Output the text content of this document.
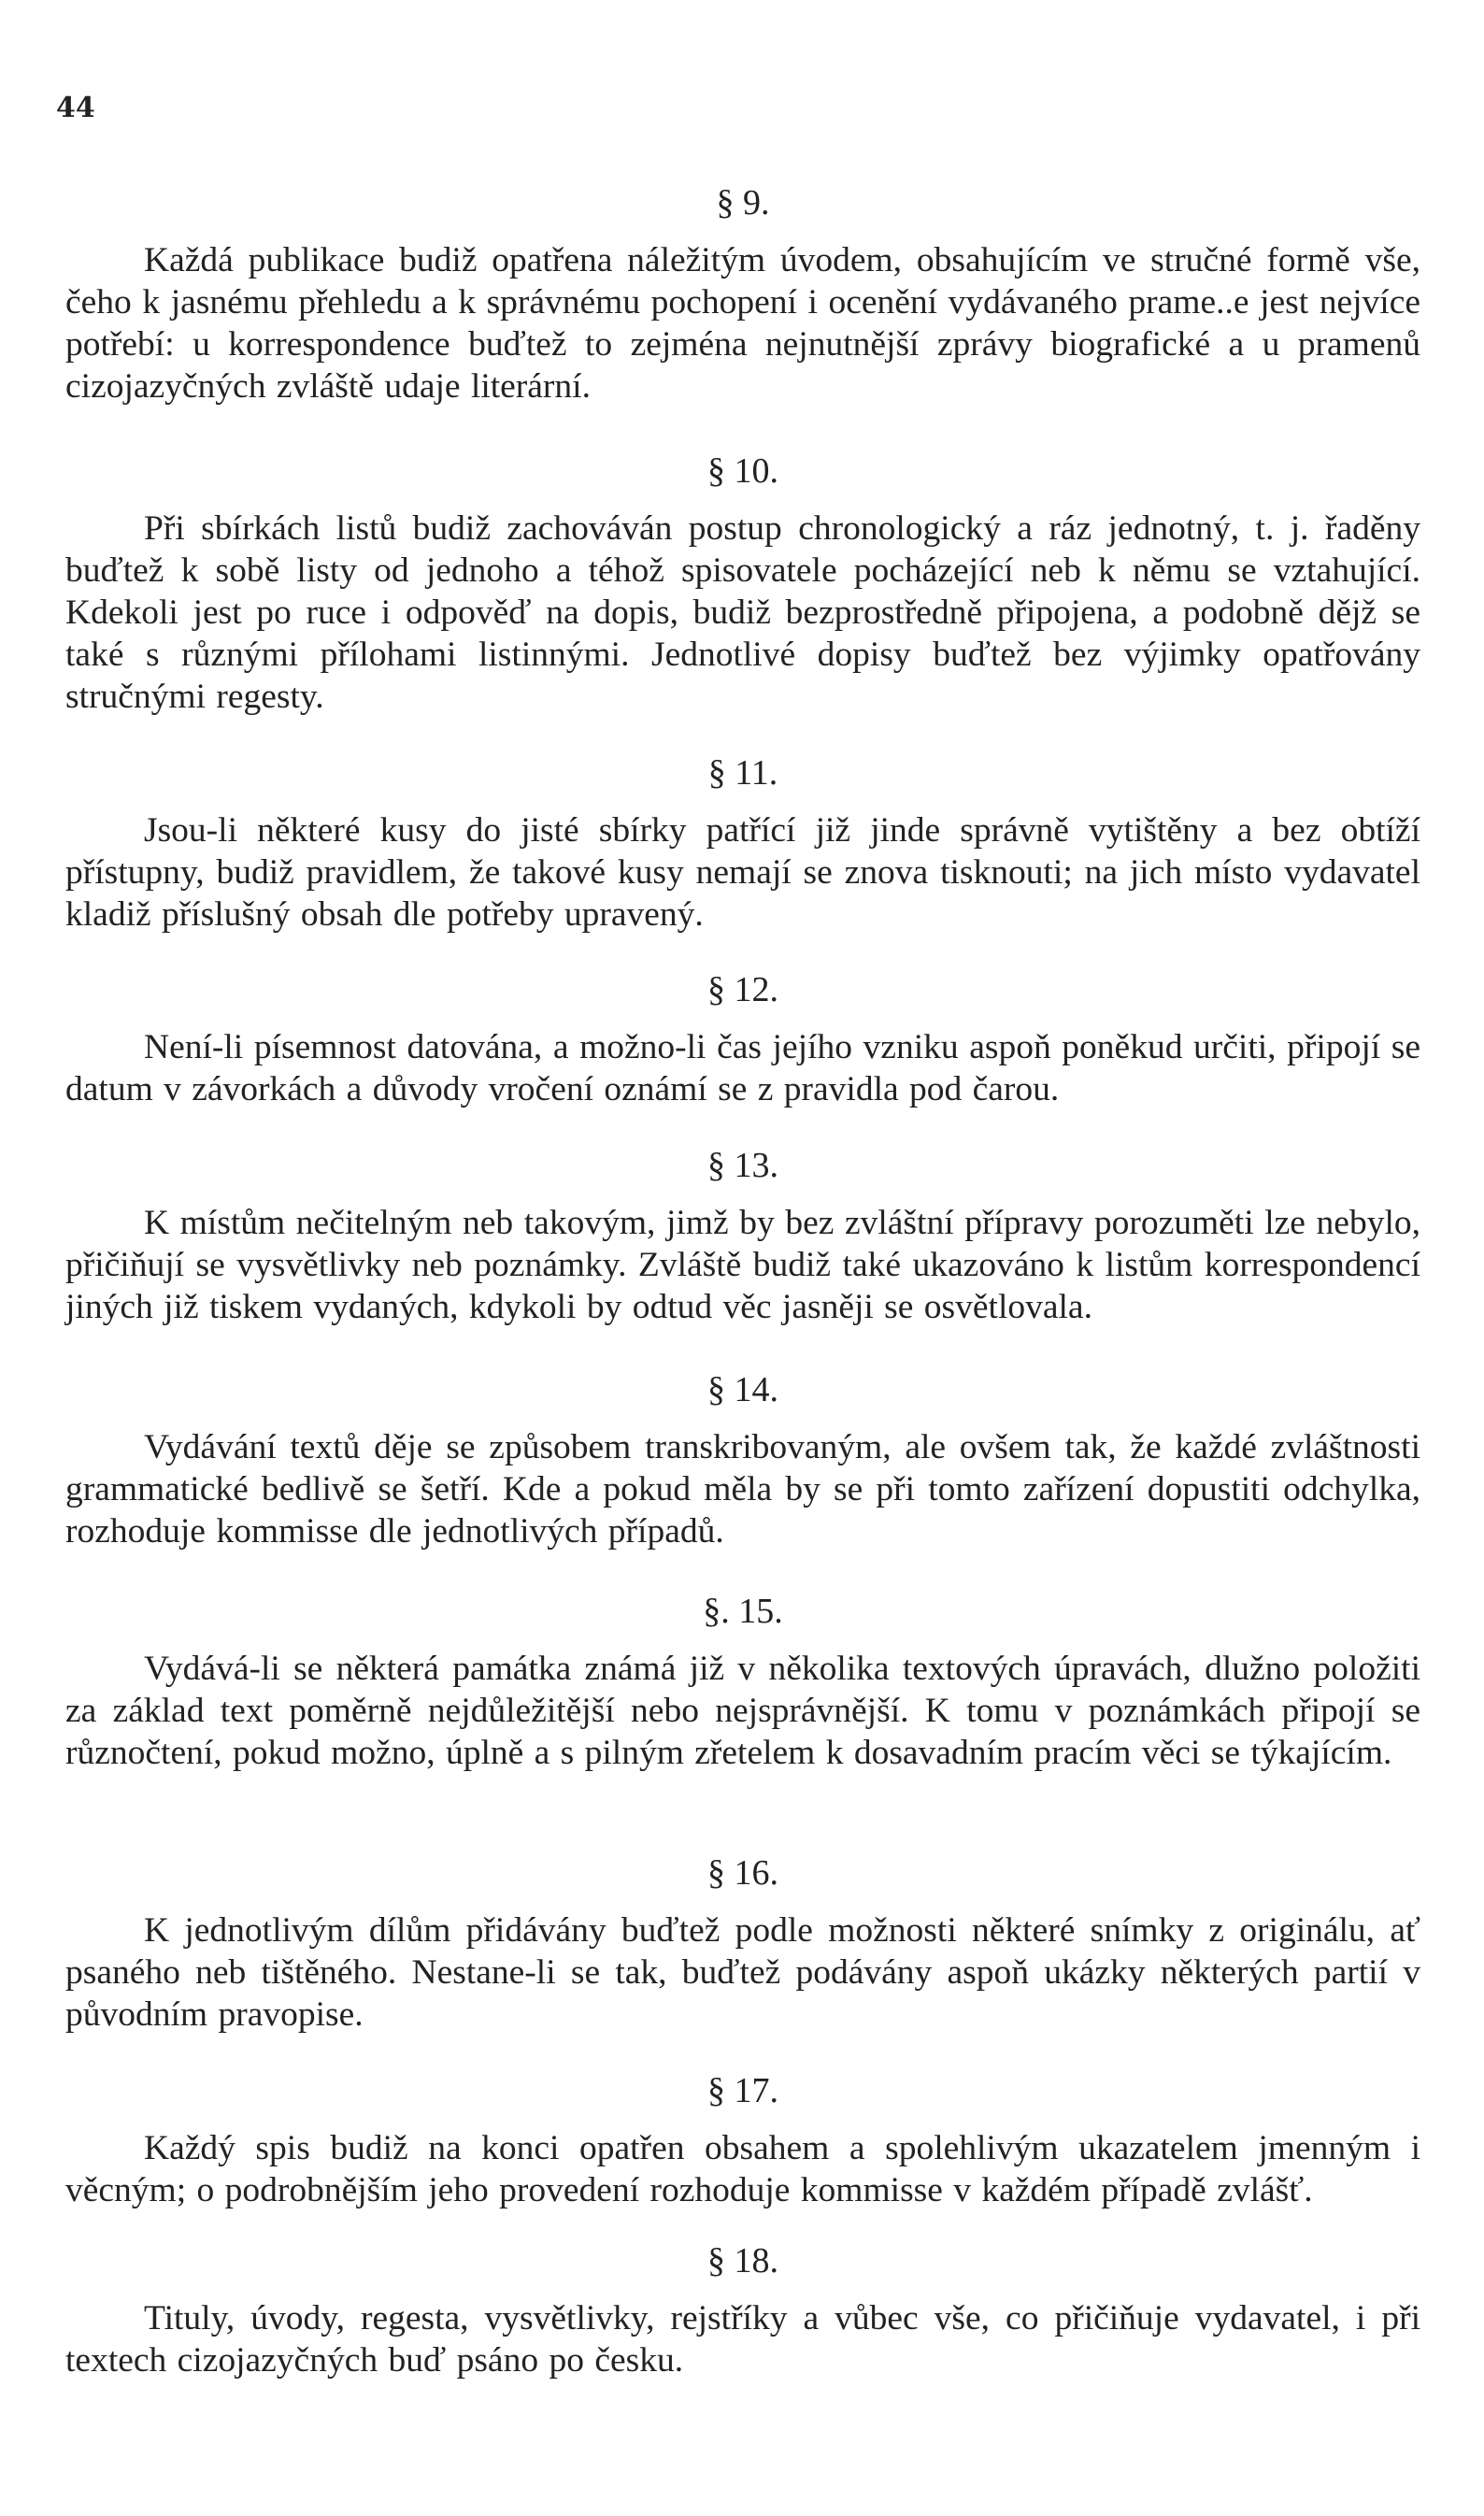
44
§ 9.

Každá publikace budiž opatřena náležitým úvodem, obsahujícím ve stručné formě vše, čeho k jasnému přehledu a k správnému pochopení i ocenění vydávaného prame..e jest nejvíce potřebí: u korrespondence buďtež to zejména nejnutnější zprávy biografické a u pramenů cizojazyčných zvláště udaje literární.

§ 10.

Při sbírkách listů budiž zachováván postup chronologický a ráz jednotný, t. j. řaděny buďtež k sobě listy od jednoho a téhož spisovatele pocházející neb k němu se vztahující. Kdekoli jest po ruce i odpověď na dopis, budiž bezprostředně připojena, a podobně dějž se také s různými přílohami listinnými. Jednotlivé dopisy buďtež bez výjimky opatřovány stručnými regesty.

§ 11.

Jsou-li některé kusy do jisté sbírky patřící již jinde správně vytištěny a bez obtíží přístupny, budiž pravidlem, že takové kusy nemají se znova tisknouti; na jich místo vydavatel kladiž příslušný obsah dle potřeby upravený.

§ 12.

Není-li písemnost datována, a možno-li čas jejího vzniku aspoň poněkud určiti, připojí se datum v závorkách a důvody vročení oznámí se z pravidla pod čarou.

§ 13.

K místům nečitelným neb takovým, jimž by bez zvláštní přípravy porozuměti lze nebylo, přičiňují se vysvětlivky neb poznámky. Zvláště budiž také ukazováno k listům korrespondencí jiných již tiskem vydaných, kdykoli by odtud věc jasněji se osvětlovala.

§ 14.

Vydávání textů děje se způsobem transkribovaným, ale ovšem tak, že každé zvláštnosti grammatické bedlivě se šetří. Kde a pokud měla by se při tomto zařízení dopustiti odchylka, rozhoduje kommisse dle jednotlivých případů.

§. 15.

Vydává-li se některá památka známá již v několika textových úpravách, dlužno položiti za základ text poměrně nejdůležitější nebo nejsprávnější. K tomu v poznámkách připojí se různočtení, pokud možno, úplně a s pilným zřetelem k dosavadním pracím věci se týkajícím.

§ 16.

K jednotlivým dílům přidávány buďtež podle možnosti některé snímky z originálu, ať psaného neb tištěného. Nestane-li se tak, buďtež podávány aspoň ukázky některých partií v původním pravopise.

§ 17.

Každý spis budiž na konci opatřen obsahem a spolehlivým ukazatelem jmenným i věcným; o podrobnějším jeho provedení rozhoduje kommisse v každém případě zvlášť.

§ 18.

Tituly, úvody, regesta, vysvětlivky, rejstříky a vůbec vše, co přičiňuje vydavatel, i při textech cizojazyčných buď psáno po česku.
